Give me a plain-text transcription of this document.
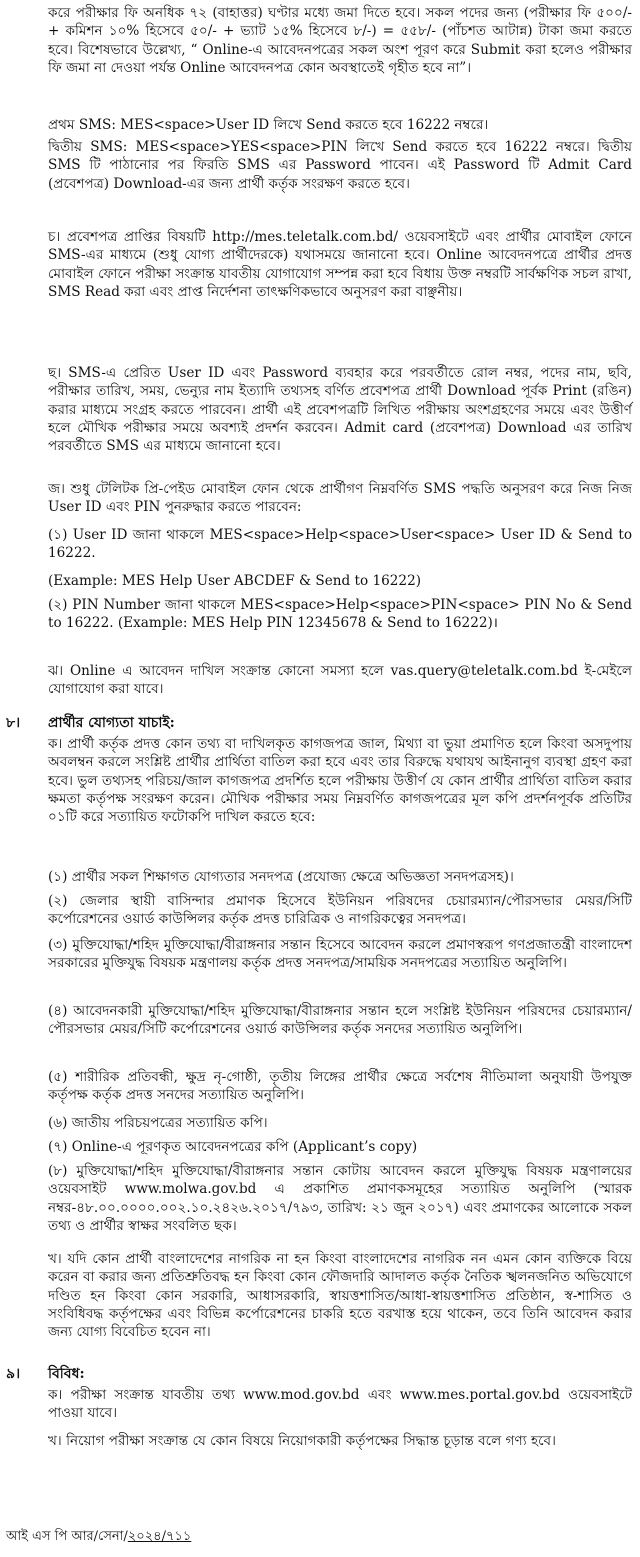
করে পরীক্ষার ফি অনধিক ৭২ (বাহাত্তর) ঘণ্টার মধ্যে জমা দিতে হবে। সকল পদের জন্য (পরীক্ষার ফি ৫০০/- + কমিশন ১০% হিসেবে ৫০/- + ভ্যাট ১৫% হিসেবে ৮/-) = ৫৫৮/- (পাঁচশত আটান্ন) টাকা জমা করতে হবে। বিশেষভাবে উল্লেখ্য, “ Online-এ আবেদনপত্রের সকল অংশ পূরণ করে Submit করা হলেও পরীক্ষার ফি জমা না দেওয়া পর্যন্ত Online আবেদনপত্র কোন অবস্থাতেই গৃহীত হবে না”।
প্রথম SMS: MES<space>User ID লিখে Send করতে হবে 16222 নম্বরে।
দ্বিতীয় SMS: MES<space>YES<space>PIN লিখে Send করতে হবে 16222 নম্বরে। দ্বিতীয় SMS টি পাঠানোর পর ফিরতি SMS এর Password পাবেন। এই Password টি Admit Card (প্রবেশপত্র) Download-এর জন্য প্রার্থী কর্তৃক সংরক্ষণ করতে হবে।
চ। প্রবেশপত্র প্রাপ্তির বিষয়টি http://mes.teletalk.com.bd/ ওয়েবসাইটে এবং প্রার্থীর মোবাইল ফোনে SMS-এর মাধ্যমে (শুধু যোগ্য প্রার্থীদেরকে) যথাসময়ে জানানো হবে। Online আবেদনপত্রে প্রার্থীর প্রদত্ত মোবাইল ফোনে পরীক্ষা সংক্রান্ত যাবতীয় যোগাযোগ সম্পন্ন করা হবে বিধায় উক্ত নম্বরটি সার্বক্ষণিক সচল রাখা, SMS Read করা এবং প্রাপ্ত নির্দেশনা তাৎক্ষণিকভাবে অনুসরণ করা বাঞ্ছনীয়।
ছ। SMS-এ প্রেরিত User ID এবং Password ব্যবহার করে পরবর্তীতে রোল নম্বর, পদের নাম, ছবি, পরীক্ষার তারিখ, সময়, ভেন্যুর নাম ইত্যাদি তথ্যসহ বর্ণিত প্রবেশপত্র প্রার্থী Download পূর্বক Print (রঙিন) করার মাধ্যমে সংগ্রহ করতে পারবেন। প্রার্থী এই প্রবেশপত্রটি লিখিত পরীক্ষায় অংশগ্রহণের সময়ে এবং উত্তীর্ণ হলে মৌখিক পরীক্ষার সময়ে অবশ্যই প্রদর্শন করবেন। Admit card (প্রবেশপত্র) Download এর তারিখ পরবর্তীতে SMS এর মাধ্যমে জানানো হবে।
জ। শুধু টেলিটক প্রি-পেইড মোবাইল ফোন থেকে প্রার্থীগণ নিম্নবর্ণিত SMS পদ্ধতি অনুসরণ করে নিজ নিজ User ID এবং PIN পুনরুদ্ধার করতে পারবেন:
(১) User ID জানা থাকলে MES<space>Help<space>User<space> User ID & Send to 16222.
(Example: MES Help User ABCDEF & Send to 16222)
(২) PIN Number জানা থাকলে MES<space>Help<space>PIN<space> PIN No & Send to 16222. (Example: MES Help PIN 12345678 & Send to 16222)।
ঝ। Online এ আবেদন দাখিল সংক্রান্ত কোনো সমস্যা হলে vas.query@teletalk.com.bd ই-মেইলে যোগাযোগ করা যাবে।
৮। প্রার্থীর যোগ্যতা যাচাই:
ক। প্রার্থী কর্তৃক প্রদত্ত কোন তথ্য বা দাখিলকৃত কাগজপত্র জাল, মিথ্যা বা ভুয়া প্রমাণিত হলে কিংবা অসদুপায় অবলম্বন করলে সংশ্লিষ্ট প্রার্থীর প্রার্থিতা বাতিল করা হবে এবং তার বিরুদ্ধে যথাযথ আইনানুগ ব্যবস্থা গ্রহণ করা হবে। ভুল তথ্যসহ পরিচয়/জাল কাগজপত্র প্রদর্শিত হলে পরীক্ষায় উত্তীর্ণ যে কোন প্রার্থীর প্রার্থিতা বাতিল করার ক্ষমতা কর্তৃপক্ষ সংরক্ষণ করেন। মৌখিক পরীক্ষার সময় নিম্নবর্ণিত কাগজপত্রের মূল কপি প্রদর্শনপূর্বক প্রতিটির ০১টি করে সত্যায়িত ফটোকপি দাখিল করতে হবে:
(১) প্রার্থীর সকল শিক্ষাগত যোগ্যতার সনদপত্র (প্রযোজ্য ক্ষেত্রে অভিজ্ঞতা সনদপত্রসহ)।
(২) জেলার স্থায়ী বাসিন্দার প্রমাণক হিসেবে ইউনিয়ন পরিষদের চেয়ারম্যান/পৌরসভার মেয়র/সিটি কর্পোরেশনের ওয়ার্ড কাউন্সিলর কর্তৃক প্রদত্ত চারিত্রিক ও নাগরিকত্বের সনদপত্র।
(৩) মুক্তিযোদ্ধা/শহিদ মুক্তিযোদ্ধা/বীরাঙ্গনার সন্তান হিসেবে আবেদন করলে প্রমাণস্বরূপ গণপ্রজাতন্ত্রী বাংলাদেশ সরকারের মুক্তিযুদ্ধ বিষয়ক মন্ত্রণালয় কর্তৃক প্রদত্ত সনদপত্র/সাময়িক সনদপত্রের সত্যায়িত অনুলিপি।
(৪) আবেদনকারী মুক্তিযোদ্ধা/শহিদ মুক্তিযোদ্ধা/বীরাঙ্গনার সন্তান হলে সংশ্লিষ্ট ইউনিয়ন পরিষদের চেয়ারম্যান/ পৌরসভার মেয়র/সিটি কর্পোরেশনের ওয়ার্ড কাউন্সিলর কর্তৃক সনদের সত্যায়িত অনুলিপি।
(৫) শারীরিক প্রতিবন্ধী, ক্ষুদ্র নৃ-গোষ্ঠী, তৃতীয় লিঙ্গের প্রার্থীর ক্ষেত্রে সর্বশেষ নীতিমালা অনুযায়ী উপযুক্ত কর্তৃপক্ষ কর্তৃক প্রদত্ত সনদের সত্যায়িত অনুলিপি।
(৬) জাতীয় পরিচয়পত্রের সত্যায়িত কপি।
(৭) Online-এ পূরণকৃত আবেদনপত্রের কপি (Applicant’s copy)
(৮) মুক্তিযোদ্ধা/শহিদ মুক্তিযোদ্ধা/বীরাঙ্গনার সন্তান কোটায় আবেদন করলে মুক্তিযুদ্ধ বিষয়ক মন্ত্রণালয়ের ওয়েবসাইট www.molwa.gov.bd এ প্রকাশিত প্রমাণকসমূহের সত্যায়িত অনুলিপি (স্মারক নম্বর-৪৮.০০.০০০০.০০২.১০.২৪২৬.২০১৭/৭৯৩, তারিখ: ২১ জুন ২০১৭) এবং প্রমাণকের আলোকে সকল তথ্য ও প্রার্থীর স্বাক্ষর সংবলিত ছক।
খ। যদি কোন প্রার্থী বাংলাদেশের নাগরিক না হন কিংবা বাংলাদেশের নাগরিক নন এমন কোন ব্যক্তিকে বিয়ে করেন বা করার জন্য প্রতিশ্রুতিবদ্ধ হন কিংবা কোন ফৌজদারি আদালত কর্তৃক নৈতিক স্খলনজনিত অভিযোগে দণ্ডিত হন কিংবা কোন সরকারি, আধাসরকারি, স্বায়ত্তশাসিত/আধা-স্বায়ত্তশাসিত প্রতিষ্ঠান, স্ব-শাসিত ও সংবিধিবদ্ধ কর্তৃপক্ষের এবং বিভিন্ন কর্পোরেশনের চাকরি হতে বরখাস্ত হয়ে থাকেন, তবে তিনি আবেদন করার জন্য যোগ্য বিবেচিত হবেন না।
৯। বিবিধ:
ক। পরীক্ষা সংক্রান্ত যাবতীয় তথ্য www.mod.gov.bd এবং www.mes.portal.gov.bd ওয়েবসাইটে পাওয়া যাবে।
খ। নিয়োগ পরীক্ষা সংক্রান্ত যে কোন বিষয়ে নিয়োগকারী কর্তৃপক্ষের সিদ্ধান্ত চূড়ান্ত বলে গণ্য হবে।
আই এস পি আর/সেনা/২০২৪/৭১১
